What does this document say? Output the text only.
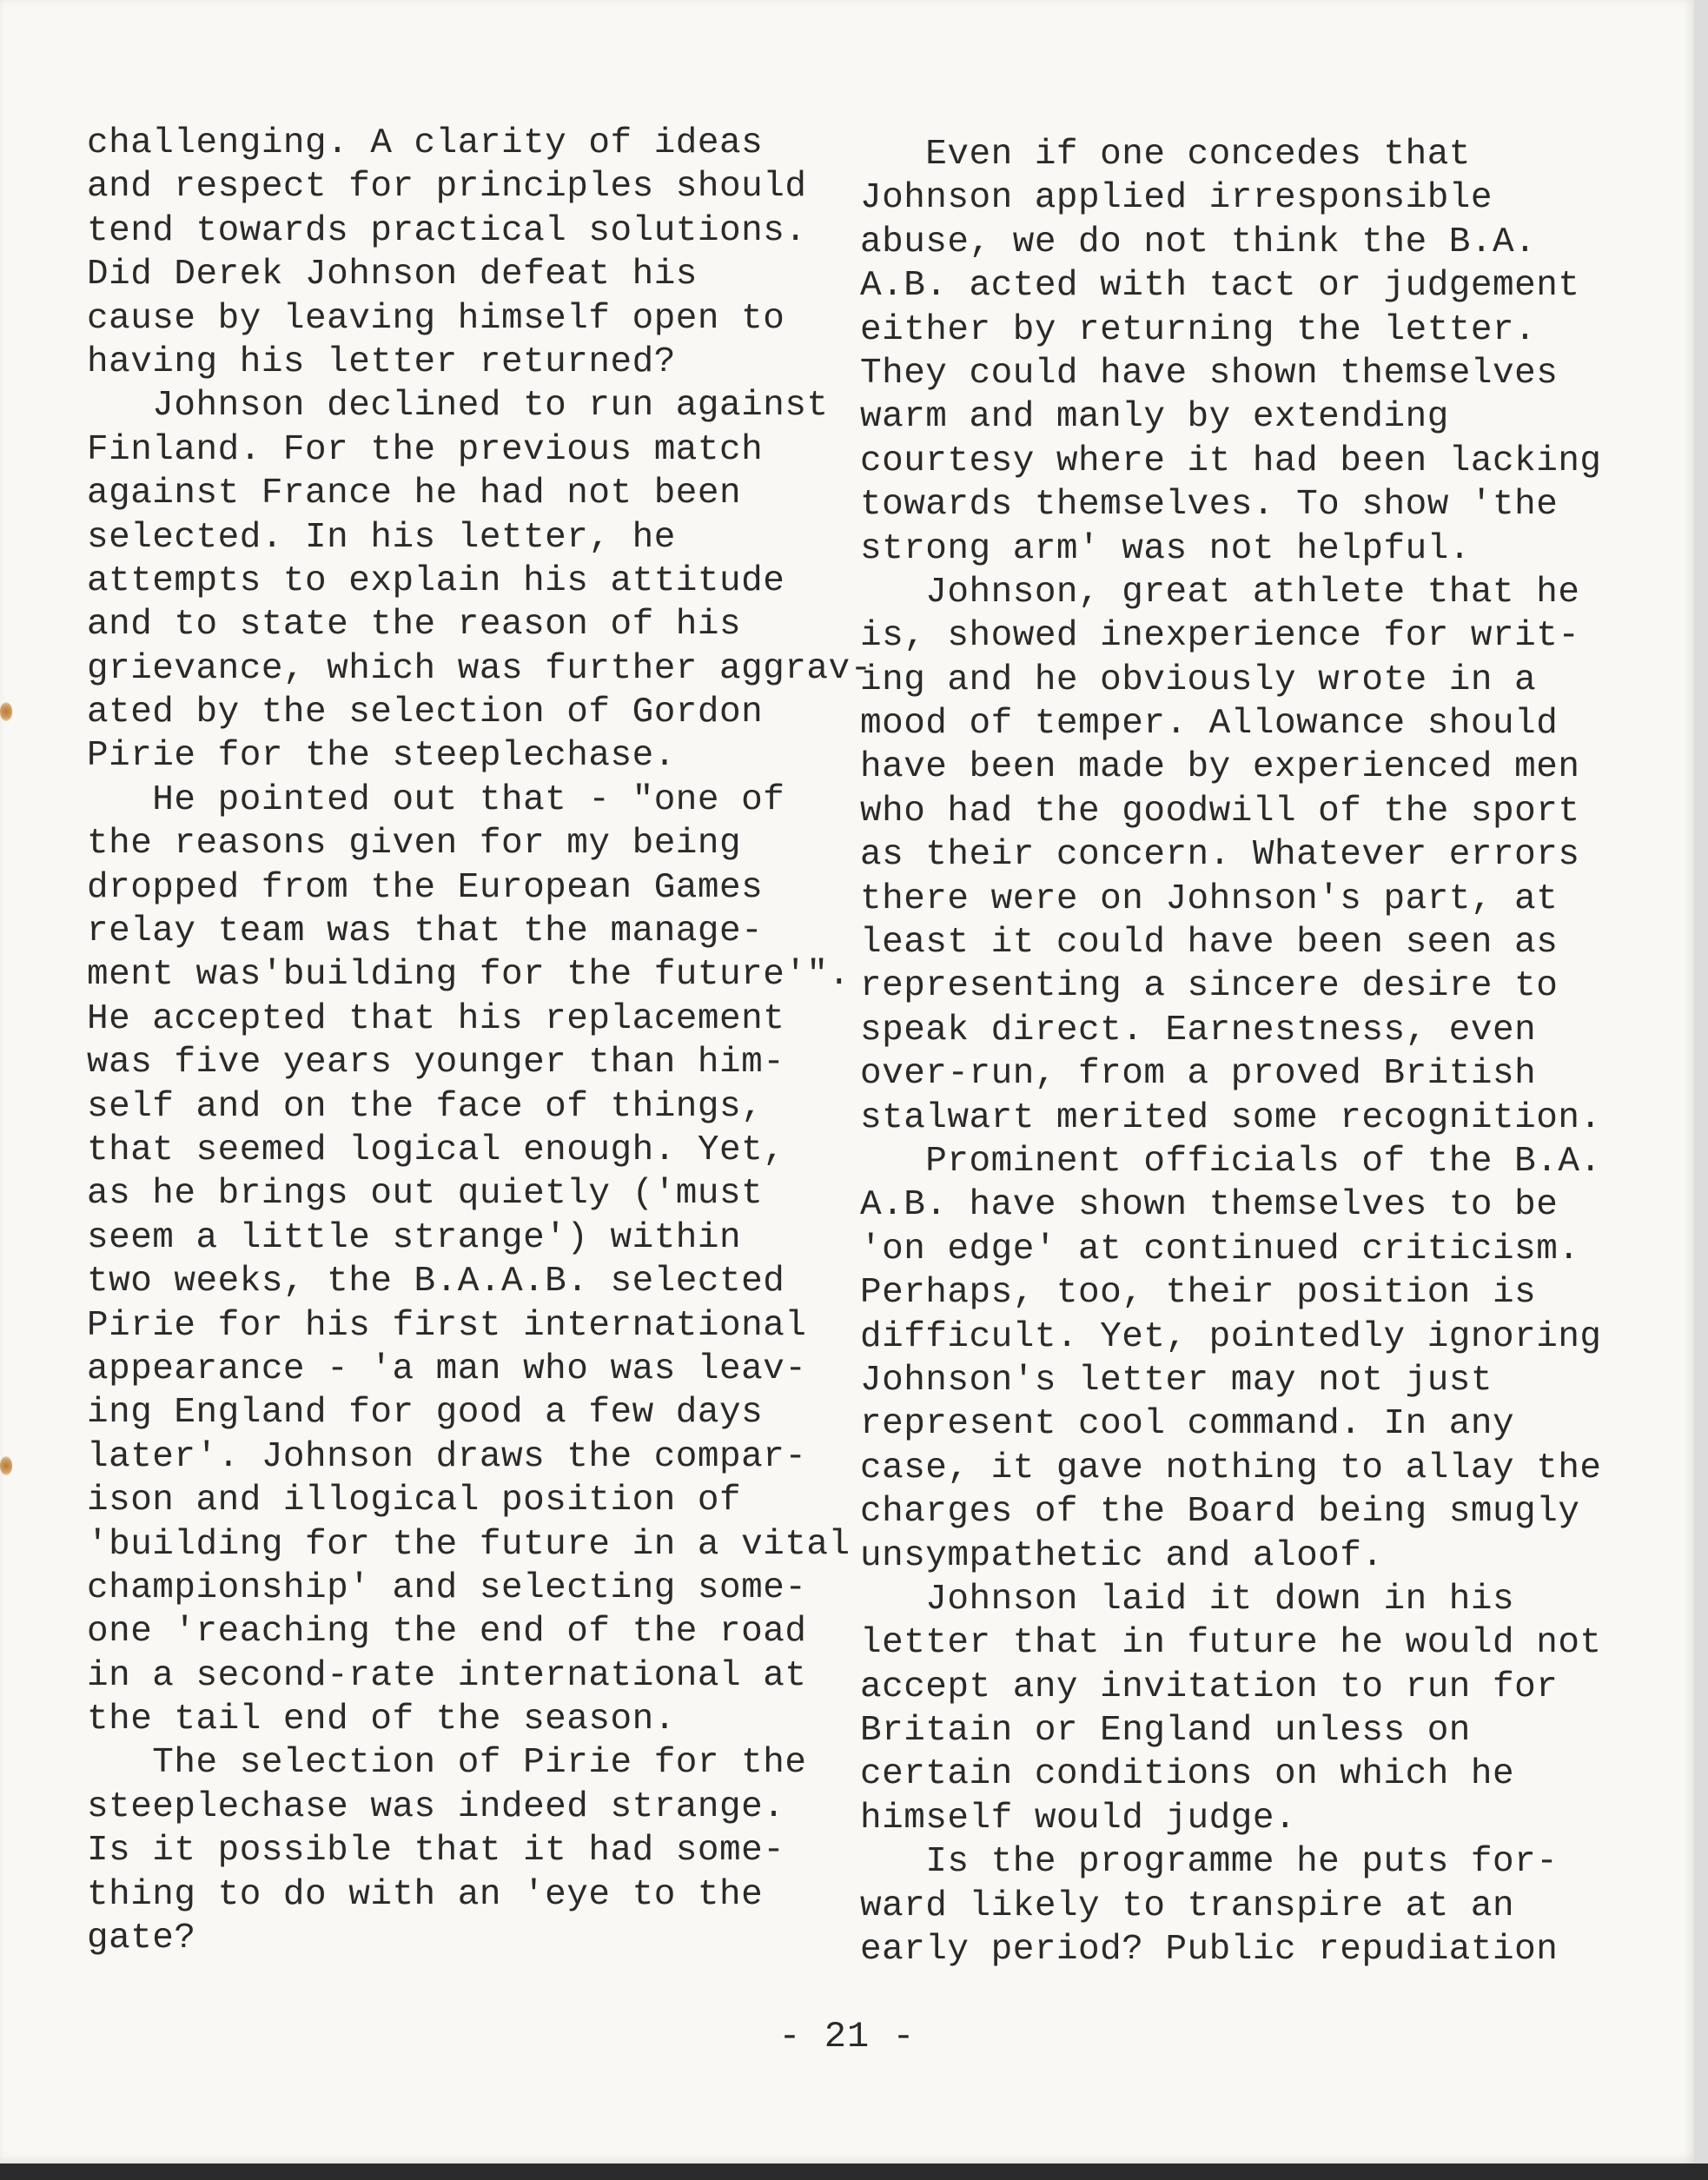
challenging. A clarity of ideas
and respect for principles should
tend towards practical solutions.
Did Derek Johnson defeat his
cause by leaving himself open to
having his letter returned?
Johnson declined to run against
Finland. For the previous match
against France he had not been
selected. In his letter, he
attempts to explain his attitude
and to state the reason of his
grievance, which was further aggrav-
ated by the selection of Gordon
Pirie for the steeplechase.
He pointed out that - "one of
the reasons given for my being
dropped from the European Games
relay team was that the manage-
ment was'building for the future'".
He accepted that his replacement
was five years younger than him-
self and on the face of things,
that seemed logical enough. Yet,
as he brings out quietly ('must
seem a little strange') within
two weeks, the B.A.A.B. selected
Pirie for his first international
appearance - 'a man who was leav-
ing England for good a few days
later'. Johnson draws the compar-
ison and illogical position of
'building for the future in a vital
championship' and selecting some-
one 'reaching the end of the road
in a second-rate international at
the tail end of the season.
The selection of Pirie for the
steeplechase was indeed strange.
Is it possible that it had some-
thing to do with an 'eye to the
gate?
Even if one concedes that
Johnson applied irresponsible
abuse, we do not think the B.A.
A.B. acted with tact or judgement
either by returning the letter.
They could have shown themselves
warm and manly by extending
courtesy where it had been lacking
towards themselves. To show 'the
strong arm' was not helpful.
Johnson, great athlete that he
is, showed inexperience for writ-
ing and he obviously wrote in a
mood of temper. Allowance should
have been made by experienced men
who had the goodwill of the sport
as their concern. Whatever errors
there were on Johnson's part, at
least it could have been seen as
representing a sincere desire to
speak direct. Earnestness, even
over-run, from a proved British
stalwart merited some recognition.
Prominent officials of the B.A.
A.B. have shown themselves to be
'on edge' at continued criticism.
Perhaps, too, their position is
difficult. Yet, pointedly ignoring
Johnson's letter may not just
represent cool command. In any
case, it gave nothing to allay the
charges of the Board being smugly
unsympathetic and aloof.
Johnson laid it down in his
letter that in future he would not
accept any invitation to run for
Britain or England unless on
certain conditions on which he
himself would judge.
Is the programme he puts for-
ward likely to transpire at an
early period? Public repudiation
- 21 -
